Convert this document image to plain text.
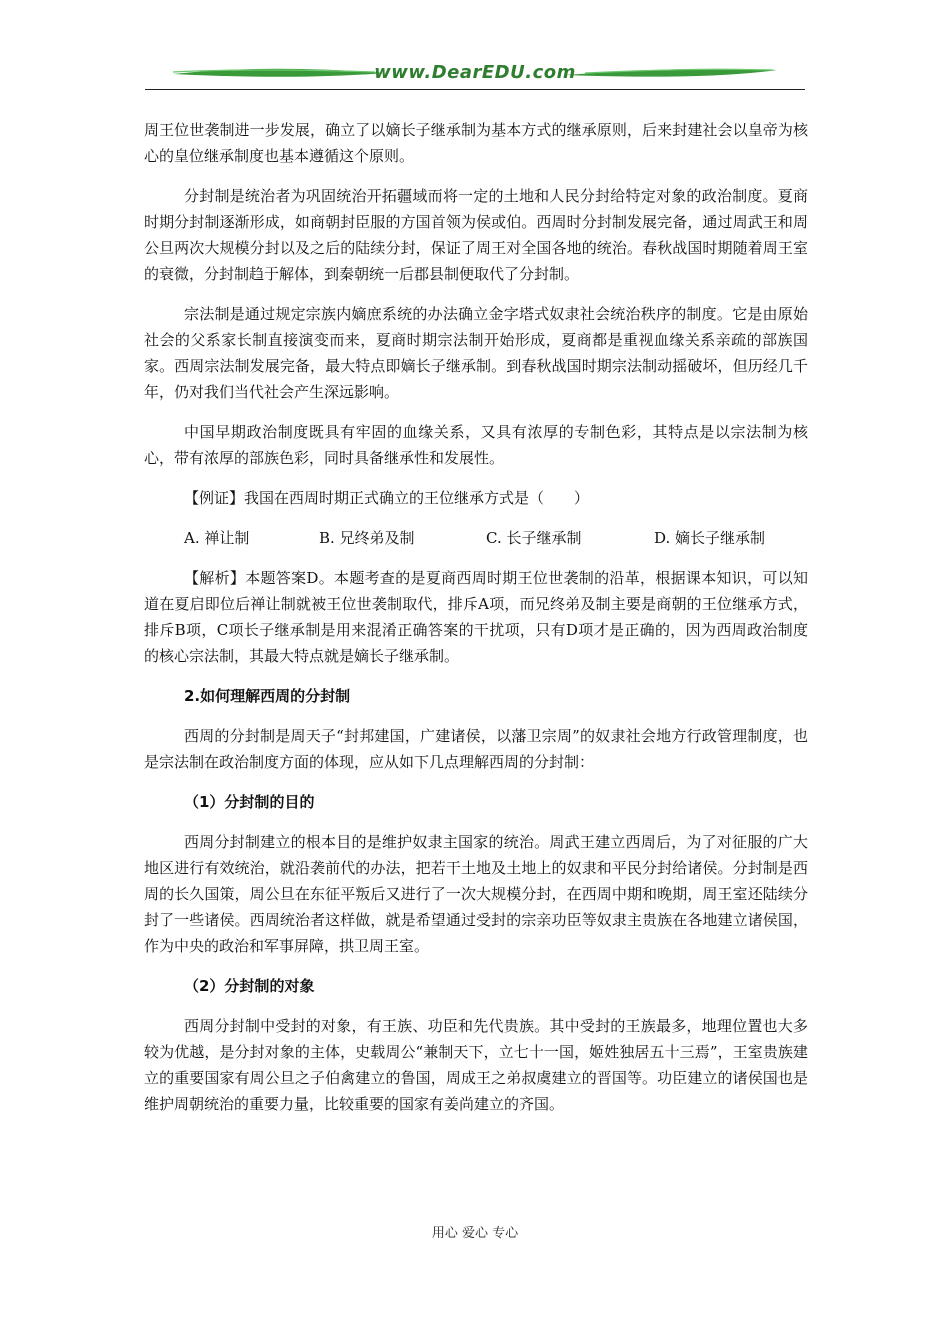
www.DearEDU.com

周王位世袭制进一步发展，确立了以嫡长子继承制为基本方式的继承原则，后来封建社会以皇帝为核心的皇位继承制度也基本遵循这个原则。

分封制是统治者为巩固统治开拓疆域而将一定的土地和人民分封给特定对象的政治制度。夏商时期分封制逐渐形成，如商朝封臣服的方国首领为侯或伯。西周时分封制发展完备，通过周武王和周公旦两次大规模分封以及之后的陆续分封，保证了周王对全国各地的统治。春秋战国时期随着周王室的衰微，分封制趋于解体，到秦朝统一后郡县制便取代了分封制。

宗法制是通过规定宗族内嫡庶系统的办法确立金字塔式奴隶社会统治秩序的制度。它是由原始社会的父系家长制直接演变而来，夏商时期宗法制开始形成，夏商都是重视血缘关系亲疏的部族国家。西周宗法制发展完备，最大特点即嫡长子继承制。到春秋战国时期宗法制动摇破坏，但历经几千年，仍对我们当代社会产生深远影响。

中国早期政治制度既具有牢固的血缘关系，又具有浓厚的专制色彩，其特点是以宗法制为核心，带有浓厚的部族色彩，同时具备继承性和发展性。

【例证】我国在西周时期正式确立的王位继承方式是（　　）

A. 禅让制	B. 兄终弟及制	C. 长子继承制	D. 嫡长子继承制

【解析】本题答案D。本题考查的是夏商西周时期王位世袭制的沿革，根据课本知识，可以知道在夏启即位后禅让制就被王位世袭制取代，排斥A项，而兄终弟及制主要是商朝的王位继承方式，排斥B项，C项长子继承制是用来混淆正确答案的干扰项，只有D项才是正确的，因为西周政治制度的核心宗法制，其最大特点就是嫡长子继承制。

2.如何理解西周的分封制

西周的分封制是周天子“封邦建国，广建诸侯，以藩卫宗周”的奴隶社会地方行政管理制度，也是宗法制在政治制度方面的体现，应从如下几点理解西周的分封制：

（1）分封制的目的

西周分封制建立的根本目的是维护奴隶主国家的统治。周武王建立西周后，为了对征服的广大地区进行有效统治，就沿袭前代的办法，把若干土地及土地上的奴隶和平民分封给诸侯。分封制是西周的长久国策，周公旦在东征平叛后又进行了一次大规模分封，在西周中期和晚期，周王室还陆续分封了一些诸侯。西周统治者这样做，就是希望通过受封的宗亲功臣等奴隶主贵族在各地建立诸侯国，作为中央的政治和军事屏障，拱卫周王室。

（2）分封制的对象

西周分封制中受封的对象，有王族、功臣和先代贵族。其中受封的王族最多，地理位置也大多较为优越，是分封对象的主体，史载周公“兼制天下，立七十一国，姬姓独居五十三焉”，王室贵族建立的重要国家有周公旦之子伯禽建立的鲁国，周成王之弟叔虞建立的晋国等。功臣建立的诸侯国也是维护周朝统治的重要力量，比较重要的国家有姜尚建立的齐国。

用心 爱心 专心
